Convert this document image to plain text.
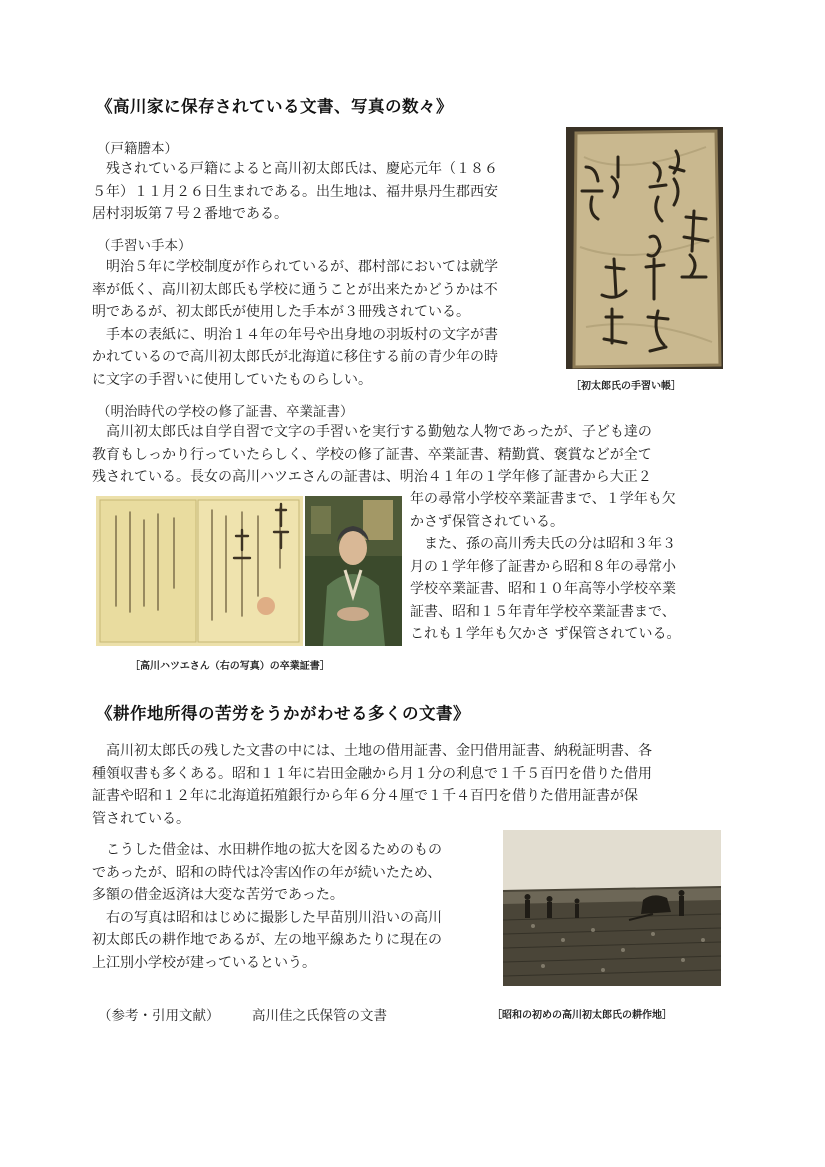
《高川家に保存されている文書、写真の数々》
（戸籍謄本）
　残されている戸籍によると高川初太郎氏は、慶応元年（１８６
５年）１１月２６日生まれである。出生地は、福井県丹生郡西安
居村羽坂第７号２番地である。
（手習い手本）
　明治５年に学校制度が作られているが、郡村部においては就学
率が低く、高川初太郎氏も学校に通うことが出来たかどうかは不
明であるが、初太郎氏が使用した手本が３冊残されている。
　手本の表紙に、明治１４年の年号や出身地の羽坂村の文字が書
かれているので高川初太郎氏が北海道に移住する前の青少年の時
に文字の手習いに使用していたものらしい。	［初太郎氏の手習い帳］
（明治時代の学校の修了証書、卒業証書）
　高川初太郎氏は自学自習で文字の手習いを実行する勤勉な人物であったが、子ども達の
教育もしっかり行っていたらしく、学校の修了証書、卒業証書、精勤賞、褒賞などが全て
残されている。長女の高川ハツエさんの証書は、明治４１年の１学年修了証書から大正２
年の尋常小学校卒業証書まで、１学年も欠
かさず保管されている。
　また、孫の高川秀夫氏の分は昭和３年３
月の１学年修了証書から昭和８年の尋常小
学校卒業証書、昭和１０年高等小学校卒業
証書、昭和１５年青年学校卒業証書まで、
これも１学年も欠かさ ず保管されている。
［高川ハツエさん（右の写真）の卒業証書］
《耕作地所得の苦労をうかがわせる多くの文書》
　高川初太郎氏の残した文書の中には、土地の借用証書、金円借用証書、納税証明書、各
種領収書も多くある。昭和１１年に岩田金融から月１分の利息で１千５百円を借りた借用
証書や昭和１２年に北海道拓殖銀行から年６分４厘で１千４百円を借りた借用証書が保
管されている。
　こうした借金は、水田耕作地の拡大を図るためのもの
であったが、昭和の時代は冷害凶作の年が続いたため、
多額の借金返済は大変な苦労であった。
　右の写真は昭和はじめに撮影した早苗別川沿いの高川
初太郎氏の耕作地であるが、左の地平線あたりに現在の
上江別小学校が建っているという。
［昭和の初めの高川初太郎氏の耕作地］
（参考・引用文献） 高川佳之氏保管の文書
